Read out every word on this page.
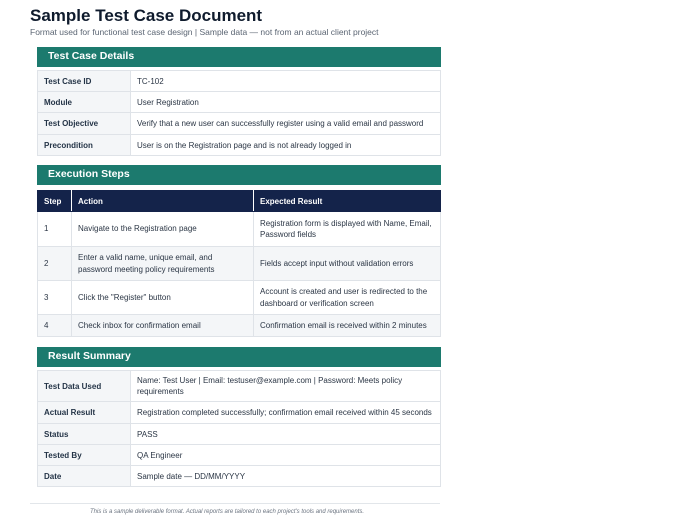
Sample Test Case Document
Format used for functional test case design | Sample data — not from an actual client project
Test Case Details
Test Case ID	TC-102
Module	User Registration
Test Objective	Verify that a new user can successfully register using a valid email and password
Precondition	User is on the Registration page and is not already logged in
Execution Steps
Step	Action	Expected Result
1	Navigate to the Registration page	Registration form is displayed with Name, Email, Password fields
2	Enter a valid name, unique email, and password meeting policy requirements	Fields accept input without validation errors
3	Click the "Register" button	Account is created and user is redirected to the dashboard or verification screen
4	Check inbox for confirmation email	Confirmation email is received within 2 minutes
Result Summary
Test Data Used	Name: Test User | Email: testuser@example.com | Password: Meets policy requirements
Actual Result	Registration completed successfully; confirmation email received within 45 seconds
Status	PASS
Tested By	QA Engineer
Date	Sample date — DD/MM/YYYY
This is a sample deliverable format. Actual reports are tailored to each project's tools and requirements.
